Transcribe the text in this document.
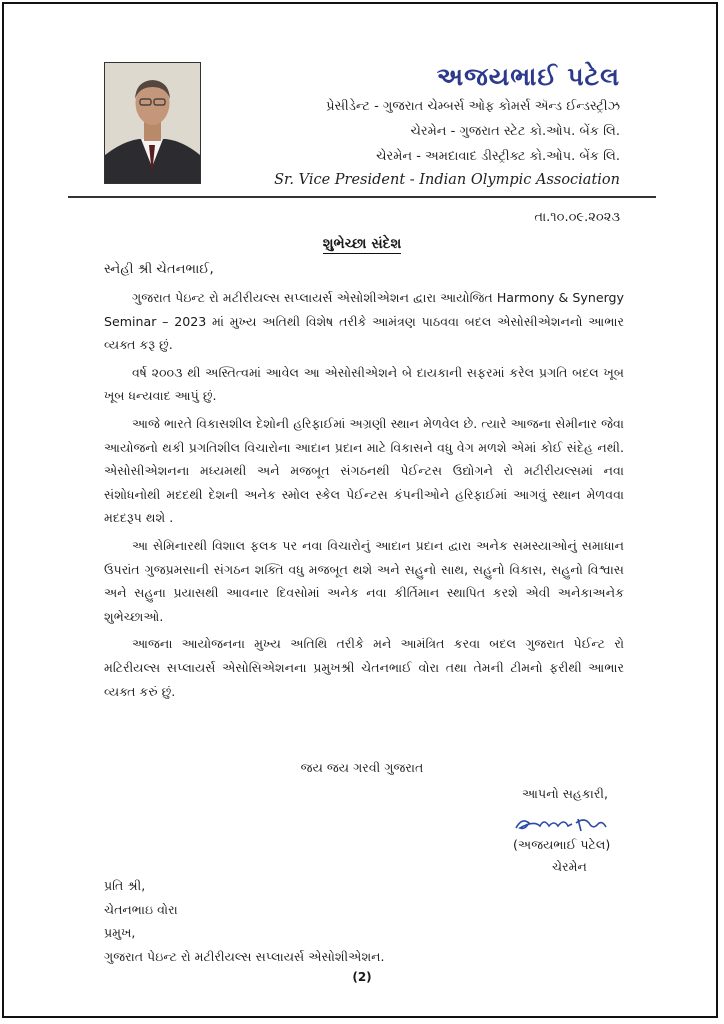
અજયભાઈ પટેલ
પ્રેસીડેન્ટ - ગુજરાત ચેમ્બર્સ ઓફ કોમર્સ ઍન્ડ ઈન્ડસ્ટ્રીઝ
ચેરમેન - ગુજરાત સ્ટેટ કો.ઓપ. બેંક લિ.
ચેરમેન - અમદાવાદ ડીસ્ટ્રીક્ટ કો.ઓપ. બેંક લિ.
Sr. Vice President - Indian Olympic Association
તા.૧૦.૦૯.૨૦૨૩
શુભેચ્છા સંદેશ
સ્નેહી શ્રી ચેતનભાઈ,

ગુજરાત પેઇન્ટ રો મટીરીયલ્સ સપ્લાયર્સ એસોશીએશન દ્વારા આયોજિત Harmony & Synergy Seminar – 2023 માં મુખ્ય અતિથી વિશેષ તરીકે આમંત્રણ પાઠવવા બદલ એસોસીએશનનો આભાર વ્યક્ત કરૂ છું.

વર્ષ ૨૦૦૩ થી અસ્તિત્વમાં આવેલ આ એસોસીએશને બે દાયકાની સફરમાં કરેલ પ્રગતિ બદલ ખૂબ ખૂબ ધન્યવાદ આપું છું.

આજે ભારતે વિકાસશીલ દેશોની હરિફાઈમાં અગ્રણી સ્થાન મેળવેલ છે. ત્યારે આજના સેમીનાર જેવા આયોજનો થકી પ્રગતિશીલ વિચારોના આદાન પ્રદાન માટે વિકાસને વધુ વેગ મળશે એમાં કોઈ સંદેહ નથી. એસોસીએશનના મધ્યમથી અને મજબૂત સંગઠનથી પેઈન્ટસ ઉદ્યોગને રો મટીરીયલ્સમાં નવા સંશોધનોથી મદદથી દેશની અનેક સ્મોલ સ્કેલ પેઈન્ટસ કંપનીઓને હરિફાઈમાં આગવું સ્થાન મેળવવા મદદરૂપ થશે .

આ સેમિનારથી વિશાલ ફલક પર નવા વિચારોનું આદાન પ્રદાન દ્વારા અનેક સમસ્યાઓનું સમાધાન ઉપરાંત ગુજપ્રમસાની સંગઠન શક્તિ વધુ મજબૂત થશે અને સહુનો સાથ, સહુનો વિકાસ, સહુનો વિશ્વાસ અને સહુના પ્રયાસથી આવનાર દિવસોમાં અનેક નવા કીર્તિમાન સ્થાપિત કરશે એવી અનેકાઅનેક શુભેચ્છાઓ.

આજના આયોજનના મુખ્ય અતિથિ તરીકે મને આમંત્રિત કરવા બદલ ગુજરાત પેઈન્ટ રો મટિરીયલ્સ સપ્લાયર્સ એસોસિએશનના પ્રમુખશ્રી ચેતનભાઈ વોરા તથા તેમની ટીમનો ફરીથી આભાર વ્યક્ત કરું છું.

જય જય ગરવી ગુજરાત
આપનો સહકારી,
(અજયભાઈ પટેલ)
ચેરમેન
પ્રતિ શ્રી,
ચેતનભાઇ વોરા
પ્રમુખ,
ગુજરાત પેઇન્ટ રો મટીરીયલ્સ સપ્લાયર્સ એસોશીએશન.
(2)
